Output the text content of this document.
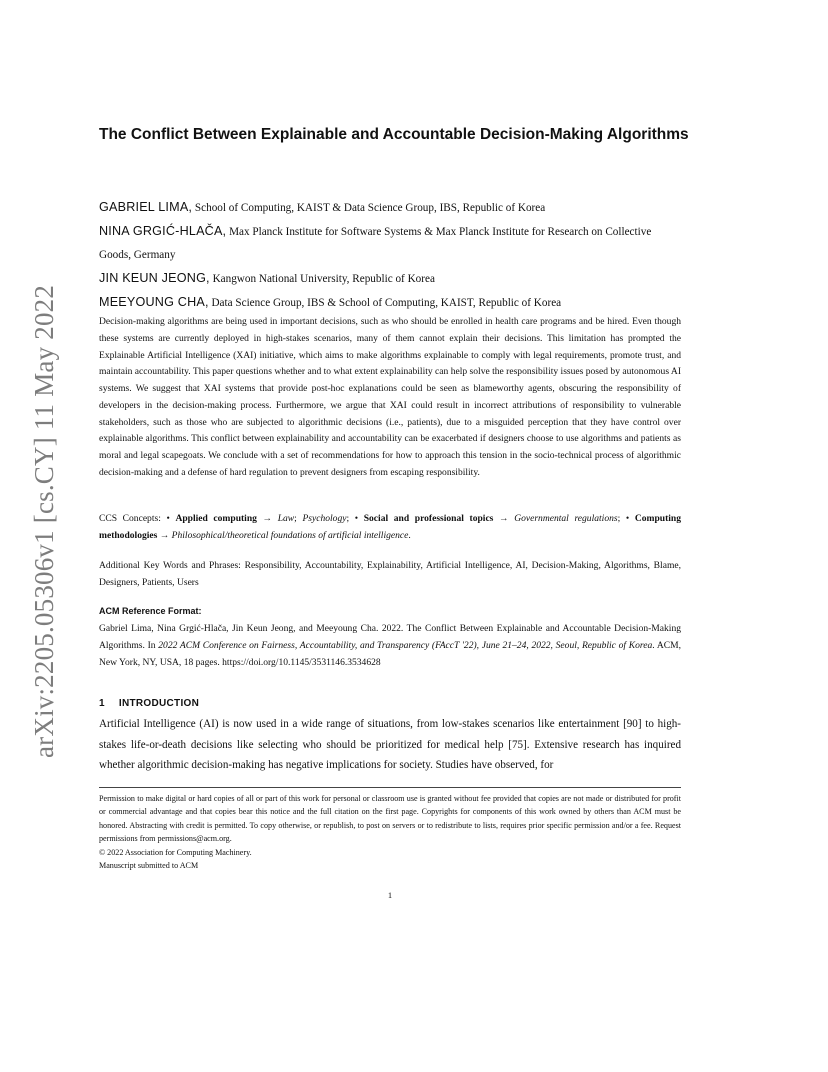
arXiv:2205.05306v1 [cs.CY] 11 May 2022
The Conflict Between Explainable and Accountable Decision-Making Algorithms
GABRIEL LIMA, School of Computing, KAIST & Data Science Group, IBS, Republic of Korea
NINA GRGIĆ-HLAČA, Max Planck Institute for Software Systems & Max Planck Institute for Research on Collective Goods, Germany
JIN KEUN JEONG, Kangwon National University, Republic of Korea
MEEYOUNG CHA, Data Science Group, IBS & School of Computing, KAIST, Republic of Korea

Decision-making algorithms are being used in important decisions, such as who should be enrolled in health care programs and be hired. Even though these systems are currently deployed in high-stakes scenarios, many of them cannot explain their decisions. This limitation has prompted the Explainable Artificial Intelligence (XAI) initiative, which aims to make algorithms explainable to comply with legal requirements, promote trust, and maintain accountability. This paper questions whether and to what extent explainability can help solve the responsibility issues posed by autonomous AI systems. We suggest that XAI systems that provide post-hoc explanations could be seen as blameworthy agents, obscuring the responsibility of developers in the decision-making process. Furthermore, we argue that XAI could result in incorrect attributions of responsibility to vulnerable stakeholders, such as those who are subjected to algorithmic decisions (i.e., patients), due to a misguided perception that they have control over explainable algorithms. This conflict between explainability and accountability can be exacerbated if designers choose to use algorithms and patients as moral and legal scapegoats. We conclude with a set of recommendations for how to approach this tension in the socio-technical process of algorithmic decision-making and a defense of hard regulation to prevent designers from escaping responsibility.

CCS Concepts: • Applied computing → Law; Psychology; • Social and professional topics → Governmental regulations; • Computing methodologies → Philosophical/theoretical foundations of artificial intelligence.

Additional Key Words and Phrases: Responsibility, Accountability, Explainability, Artificial Intelligence, AI, Decision-Making, Algorithms, Blame, Designers, Patients, Users

ACM Reference Format:

Gabriel Lima, Nina Grgić-Hlača, Jin Keun Jeong, and Meeyoung Cha. 2022. The Conflict Between Explainable and Accountable Decision-Making Algorithms. In 2022 ACM Conference on Fairness, Accountability, and Transparency (FAccT '22), June 21–24, 2022, Seoul, Republic of Korea. ACM, New York, NY, USA, 18 pages. https://doi.org/10.1145/3531146.3534628

1 INTRODUCTION

Artificial Intelligence (AI) is now used in a wide range of situations, from low-stakes scenarios like entertainment [90] to high-stakes life-or-death decisions like selecting who should be prioritized for medical help [75]. Extensive research has inquired whether algorithmic decision-making has negative implications for society. Studies have observed, for

Permission to make digital or hard copies of all or part of this work for personal or classroom use is granted without fee provided that copies are not made or distributed for profit or commercial advantage and that copies bear this notice and the full citation on the first page. Copyrights for components of this work owned by others than ACM must be honored. Abstracting with credit is permitted. To copy otherwise, or republish, to post on servers or to redistribute to lists, requires prior specific permission and/or a fee. Request permissions from permissions@acm.org.

© 2022 Association for Computing Machinery.

Manuscript submitted to ACM

1
